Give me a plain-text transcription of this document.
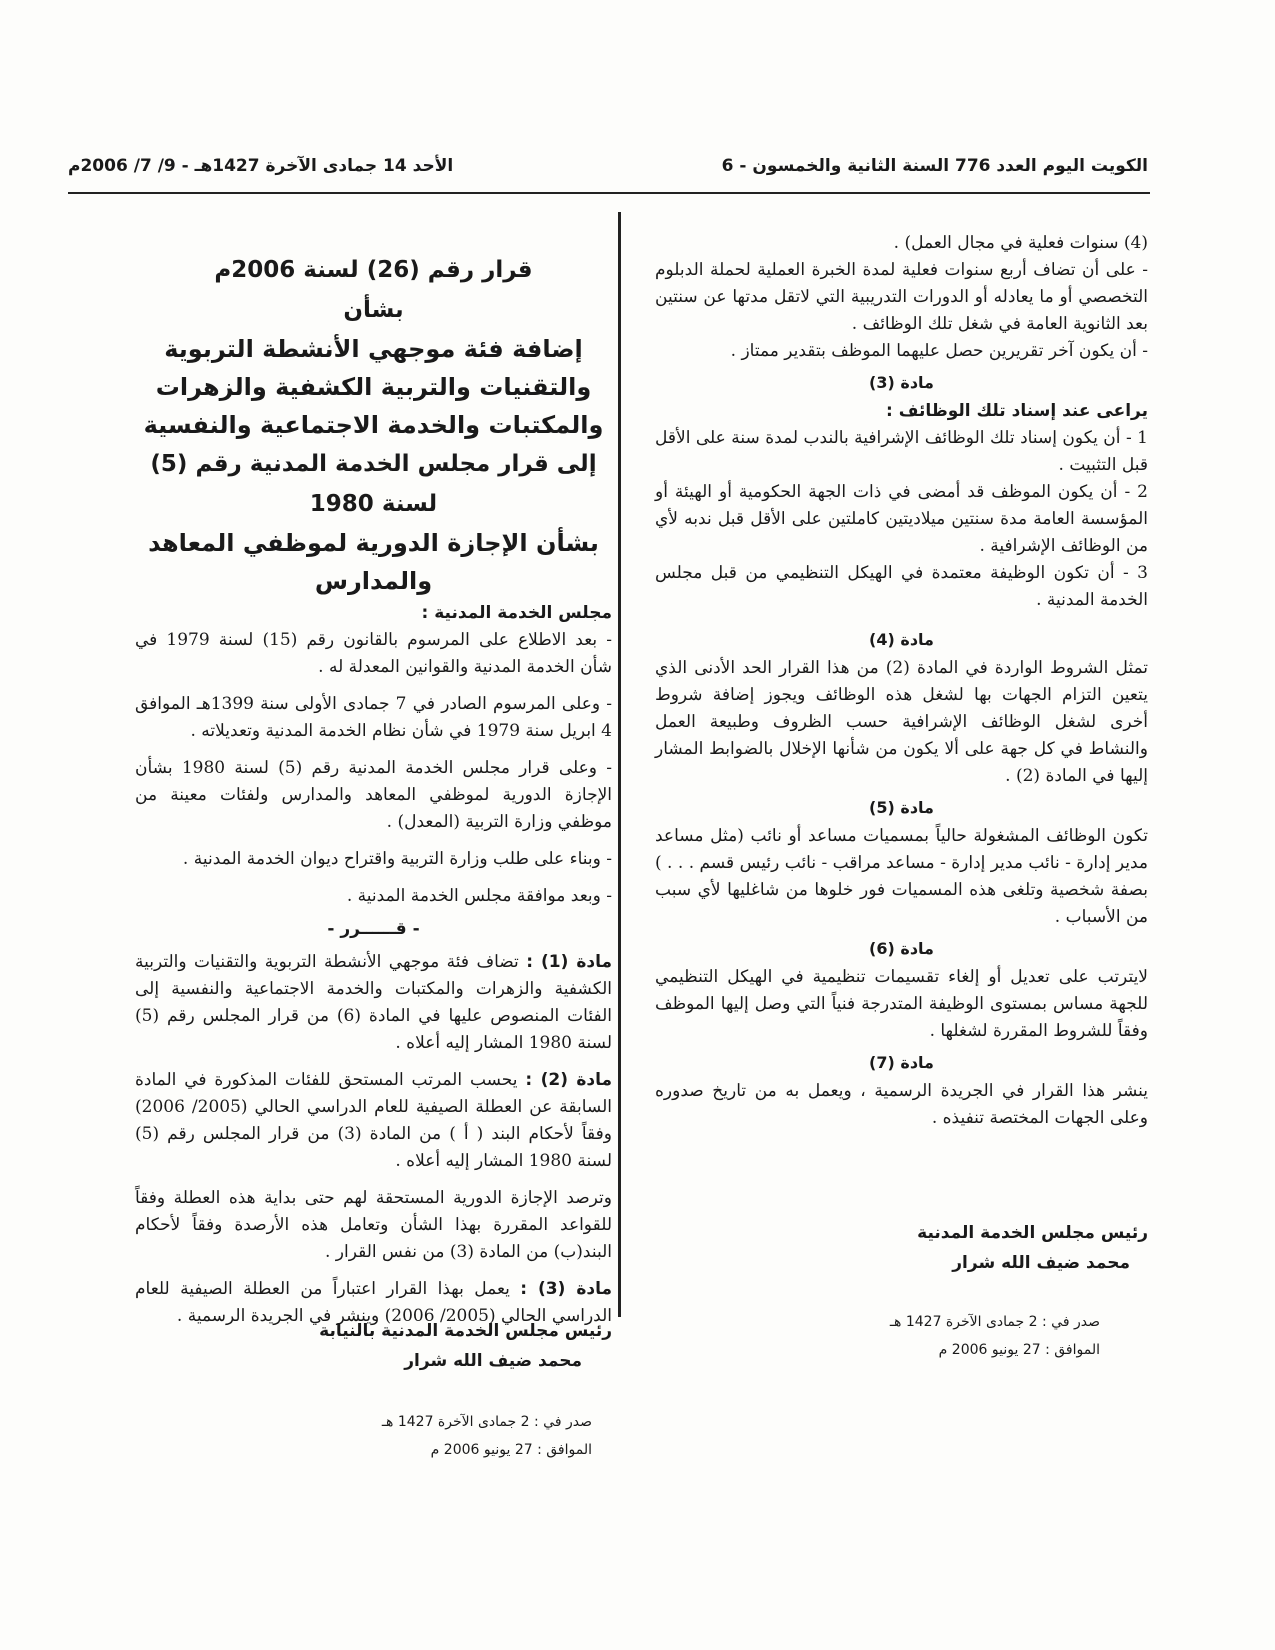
الكويت اليوم العدد 776 السنة الثانية والخمسون - 6
الأحد 14 جمادى الآخرة 1427هـ - 9/ 7/ 2006م

(4) سنوات فعلية في مجال العمل) .

- على أن تضاف أربع سنوات فعلية لمدة الخبرة العملية لحملة الدبلوم التخصصي أو ما يعادله أو الدورات التدريبية التي لاتقل مدتها عن سنتين بعد الثانوية العامة في شغل تلك الوظائف .

- أن يكون آخر تقريرين حصل عليهما الموظف بتقدير ممتاز .

مادة (3)

يراعى عند إسناد تلك الوظائف :

1 - أن يكون إسناد تلك الوظائف الإشرافية بالندب لمدة سنة على الأقل قبل التثبيت .

2 - أن يكون الموظف قد أمضى في ذات الجهة الحكومية أو الهيئة أو المؤسسة العامة مدة سنتين ميلاديتين كاملتين على الأقل قبل ندبه لأي من الوظائف الإشرافية .

3 - أن تكون الوظيفة معتمدة في الهيكل التنظيمي من قبل مجلس الخدمة المدنية .

مادة (4)

تمثل الشروط الواردة في المادة (2) من هذا القرار الحد الأدنى الذي يتعين التزام الجهات بها لشغل هذه الوظائف ويجوز إضافة شروط أخرى لشغل الوظائف الإشرافية حسب الظروف وطبيعة العمل والنشاط في كل جهة على ألا يكون من شأنها الإخلال بالضوابط المشار إليها في المادة (2) .

مادة (5)

تكون الوظائف المشغولة حالياً بمسميات مساعد أو نائب (مثل مساعد مدير إدارة - نائب مدير إدارة - مساعد مراقب - نائب رئيس قسم . . . ) بصفة شخصية وتلغى هذه المسميات فور خلوها من شاغليها لأي سبب من الأسباب .

مادة (6)

لايترتب على تعديل أو إلغاء تقسيمات تنظيمية في الهيكل التنظيمي للجهة مساس بمستوى الوظيفة المتدرجة فنياً التي وصل إليها الموظف وفقاً للشروط المقررة لشغلها .

مادة (7)

ينشر هذا القرار في الجريدة الرسمية ، ويعمل به من تاريخ صدوره وعلى الجهات المختصة تنفيذه .

رئيس مجلس الخدمة المدنية
محمد ضيف الله شرار
صدر في : 2 جمادى الآخرة 1427 هـ
الموافق : 27 يونيو 2006 م
قرار رقم (26) لسنة 2006م
بشأن
إضافة فئة موجهي الأنشطة التربوية
والتقنيات والتربية الكشفية والزهرات
والمكتبات والخدمة الاجتماعية والنفسية
إلى قرار مجلس الخدمة المدنية رقم (5) لسنة 1980
بشأن الإجازة الدورية لموظفي المعاهد والمدارس

مجلس الخدمة المدنية :

- بعد الاطلاع على المرسوم بالقانون رقم (15) لسنة 1979 في شأن الخدمة المدنية والقوانين المعدلة له .

- وعلى المرسوم الصادر في 7 جمادى الأولى سنة 1399هـ الموافق 4 ابريل سنة 1979 في شأن نظام الخدمة المدنية وتعديلاته .

- وعلى قرار مجلس الخدمة المدنية رقم (5) لسنة 1980 بشأن الإجازة الدورية لموظفي المعاهد والمدارس ولفئات معينة من موظفي وزارة التربية (المعدل) .

- وبناء على طلب وزارة التربية واقتراح ديوان الخدمة المدنية .

- وبعد موافقة مجلس الخدمة المدنية .

- قــــــرر -

مادة (1) : تضاف فئة موجهي الأنشطة التربوية والتقنيات والتربية الكشفية والزهرات والمكتبات والخدمة الاجتماعية والنفسية إلى الفئات المنصوص عليها في المادة (6) من قرار المجلس رقم (5) لسنة 1980 المشار إليه أعلاه .

مادة (2) : يحسب المرتب المستحق للفئات المذكورة في المادة السابقة عن العطلة الصيفية للعام الدراسي الحالي (2005/ 2006) وفقاً لأحكام البند ( أ ) من المادة (3) من قرار المجلس رقم (5) لسنة 1980 المشار إليه أعلاه .

وترصد الإجازة الدورية المستحقة لهم حتى بداية هذه العطلة وفقاً للقواعد المقررة بهذا الشأن وتعامل هذه الأرصدة وفقاً لأحكام البند(ب) من المادة (3) من نفس القرار .

مادة (3) : يعمل بهذا القرار اعتباراً من العطلة الصيفية للعام الدراسي الحالي (2005/ 2006) وينشر في الجريدة الرسمية .

رئيس مجلس الخدمة المدنية بالنيابة
محمد ضيف الله شرار
صدر في : 2 جمادى الآخرة 1427 هـ
الموافق : 27 يونيو 2006 م
